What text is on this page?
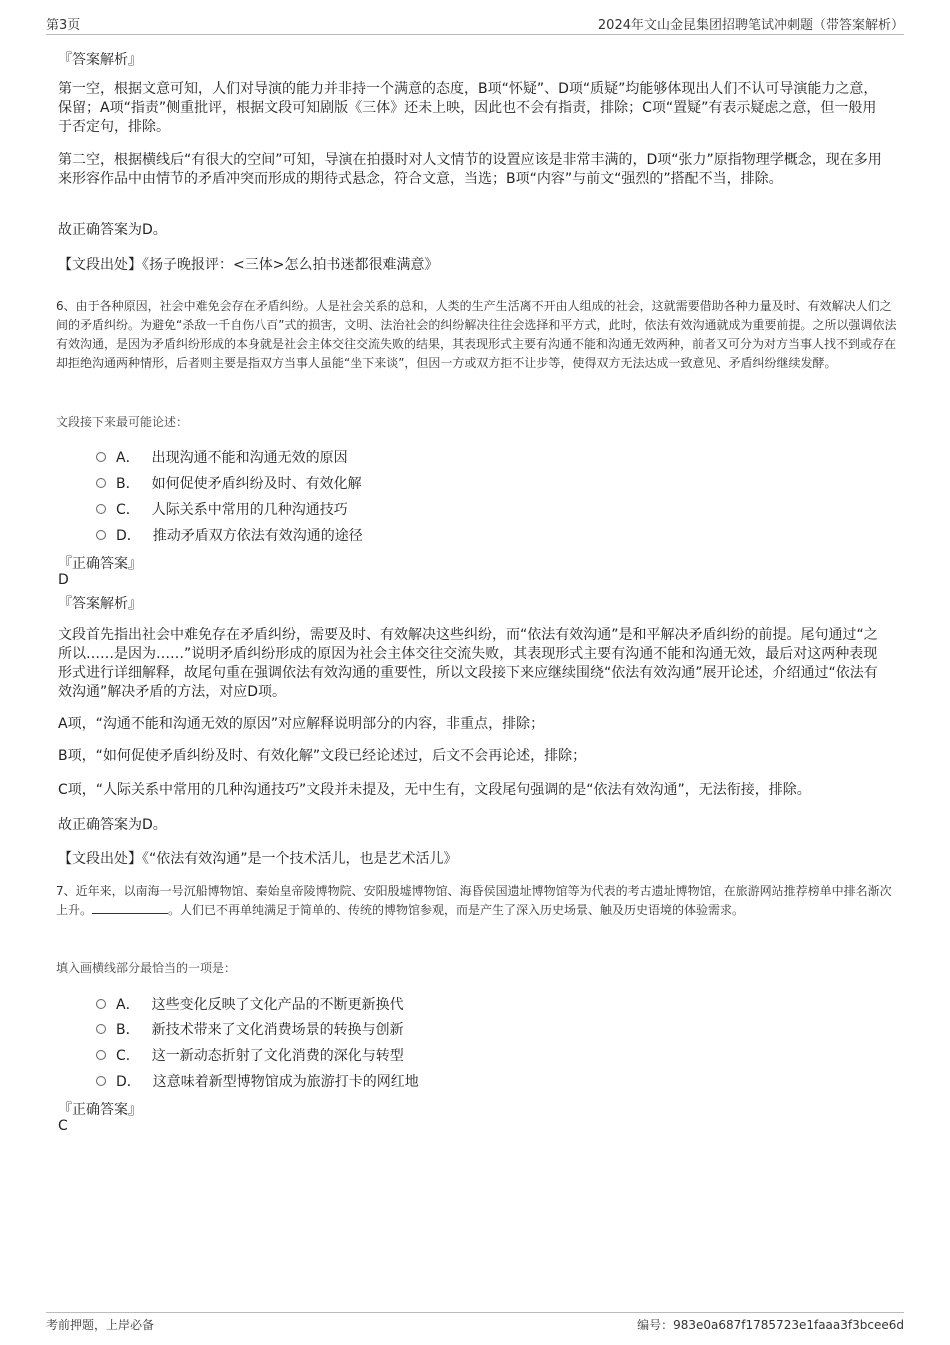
第3页	2024年文山金昆集团招聘笔试冲刺题（带答案解析）
『答案解析』
第一空，根据文意可知，人们对导演的能力并非持一个满意的态度，B项“怀疑”、D项“质疑”均能够体现出人们不认可导演能力之意，保留；A项“指责”侧重批评，根据文段可知剧版《三体》还未上映，因此也不会有指责，排除；C项“置疑”有表示疑虑之意，但一般用于否定句，排除。
第二空，根据横线后“有很大的空间”可知，导演在拍摄时对人文情节的设置应该是非常丰满的，D项“张力”原指物理学概念，现在多用来形容作品中由情节的矛盾冲突而形成的期待式悬念，符合文意，当选；B项“内容”与前文“强烈的”搭配不当，排除。
故正确答案为D。
【文段出处】《扬子晚报评：<三体>怎么拍书迷都很难满意》
6、由于各种原因，社会中难免会存在矛盾纠纷。人是社会关系的总和，人类的生产生活离不开由人组成的社会，这就需要借助各种力量及时、有效解决人们之间的矛盾纠纷。为避免“杀敌一千自伤八百”式的损害，文明、法治社会的纠纷解决往往会选择和平方式，此时，依法有效沟通就成为重要前提。之所以强调依法有效沟通，是因为矛盾纠纷形成的本身就是社会主体交往交流失败的结果，其表现形式主要有沟通不能和沟通无效两种，前者又可分为对方当事人找不到或存在却拒绝沟通两种情形，后者则主要是指双方当事人虽能“坐下来谈”，但因一方或双方拒不让步等，使得双方无法达成一致意见、矛盾纠纷继续发酵。
文段接下来最可能论述：
A． 出现沟通不能和沟通无效的原因
B． 如何促使矛盾纠纷及时、有效化解
C． 人际关系中常用的几种沟通技巧
D． 推动矛盾双方依法有效沟通的途径
『正确答案』
D
『答案解析』
文段首先指出社会中难免存在矛盾纠纷，需要及时、有效解决这些纠纷，而“依法有效沟通”是和平解决矛盾纠纷的前提。尾句通过“之所以……是因为……”说明矛盾纠纷形成的原因为社会主体交往交流失败，其表现形式主要有沟通不能和沟通无效，最后对这两种表现形式进行详细解释，故尾句重在强调依法有效沟通的重要性，所以文段接下来应继续围绕“依法有效沟通”展开论述，介绍通过“依法有效沟通”解决矛盾的方法，对应D项。
A项，“沟通不能和沟通无效的原因”对应解释说明部分的内容，非重点，排除；
B项，“如何促使矛盾纠纷及时、有效化解”文段已经论述过，后文不会再论述，排除；
C项，“人际关系中常用的几种沟通技巧”文段并未提及，无中生有，文段尾句强调的是“依法有效沟通”，无法衔接，排除。
故正确答案为D。
【文段出处】《“依法有效沟通”是一个技术活儿，也是艺术活儿》
7、近年来，以南海一号沉船博物馆、秦始皇帝陵博物院、安阳殷墟博物馆、海昏侯国遗址博物馆等为代表的考古遗址博物馆，在旅游网站推荐榜单中排名渐次上升。	。人们已不再单纯满足于简单的、传统的博物馆参观，而是产生了深入历史场景、触及历史语境的体验需求。
填入画横线部分最恰当的一项是：
A． 这些变化反映了文化产品的不断更新换代
B． 新技术带来了文化消费场景的转换与创新
C． 这一新动态折射了文化消费的深化与转型
D． 这意味着新型博物馆成为旅游打卡的网红地
『正确答案』
C
考前押题，上岸必备	编号：983e0a687f1785723e1faaa3f3bcee6d
